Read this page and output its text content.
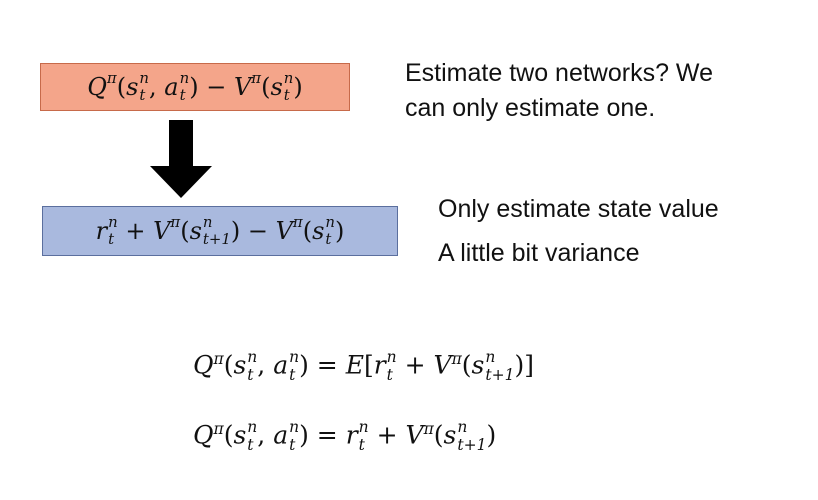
$Q^\pi$ ( s n
t ,
a n
t )
−
$V^\pi$ ( s n
t )	Estimate two networks? We
can only estimate one.
r n
t
+
$V^\pi$ ( s n
t+1 )
−
$V^\pi$ ( s n
t )
Only estimate state value
A little bit variance
$Q^\pi(s$ n
t , a n
t ) = E[r n
$t + V^\pi(s$ n
t+1 )]
$Q^\pi(s$ n
t , a n
t ) = r n
$t + V^\pi(s$ n
t+1 )
